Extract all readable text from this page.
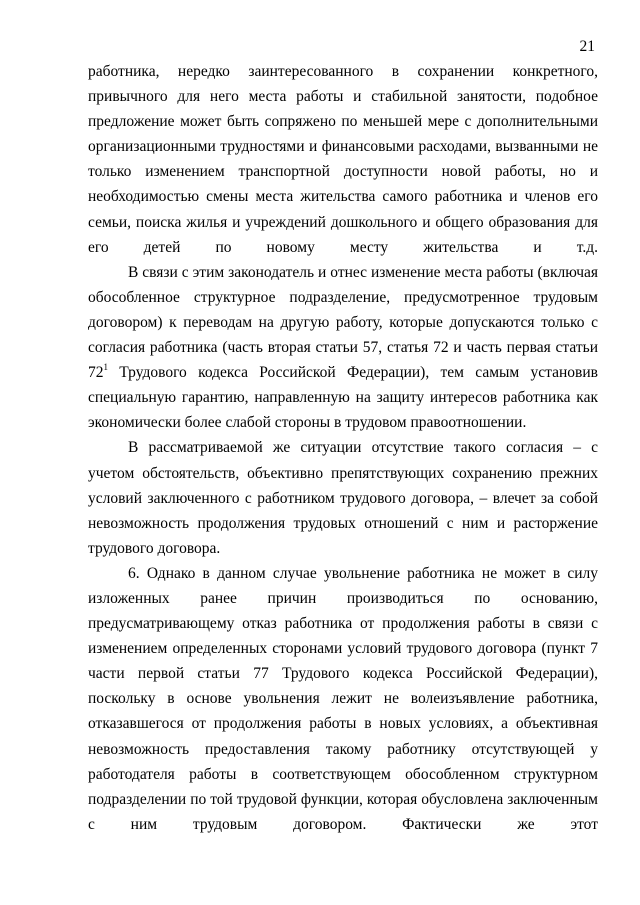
21

работника, нередко заинтересованного в сохранении конкретного, привычного для него места работы и стабильной занятости, подобное предложение может быть сопряжено по меньшей мере с дополнительными организационными трудностями и финансовыми расходами, вызванными не только изменением транспортной доступности новой работы, но и необходимостью смены места жительства самого работника и членов его семьи, поиска жилья и учреждений дошкольного и общего образования для его детей по новому месту жительства и т.д.

В связи с этим законодатель и отнес изменение места работы (включая обособленное структурное подразделение, предусмотренное трудовым договором) к переводам на другую работу, которые допускаются только с согласия работника (часть вторая статьи 57, статья 72 и часть первая статьи $72^1$ Трудового кодекса Российской Федерации), тем самым установив специальную гарантию, направленную на защиту интересов работника как экономически более слабой стороны в трудовом правоотношении.

В рассматриваемой же ситуации отсутствие такого согласия – с учетом обстоятельств, объективно препятствующих сохранению прежних условий заключенного с работником трудового договора, – влечет за собой невозможность продолжения трудовых отношений с ним и расторжение трудового договора.

6. Однако в данном случае увольнение работника не может в силу изложенных ранее причин производиться по основанию, предусматривающему отказ работника от продолжения работы в связи с изменением определенных сторонами условий трудового договора (пункт 7 части первой статьи 77 Трудового кодекса Российской Федерации), поскольку в основе увольнения лежит не волеизъявление работника, отказавшегося от продолжения работы в новых условиях, а объективная невозможность предоставления такому работнику отсутствующей у работодателя работы в соответствующем обособленном структурном подразделении по той трудовой функции, которая обусловлена заключенным с ним трудовым договором. Фактически же этот
